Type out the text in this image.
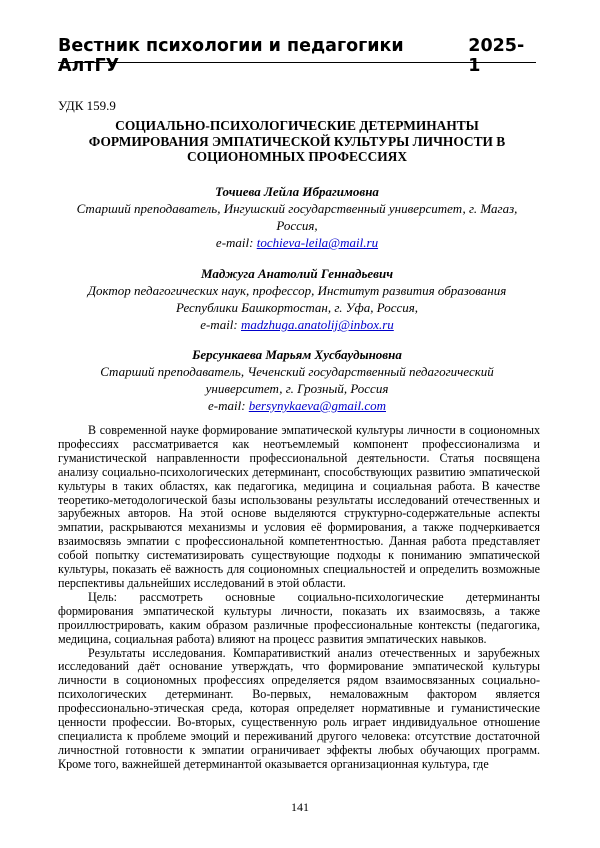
Вестник психологии и педагогики АлтГУ
2025-1
УДК 159.9
СОЦИАЛЬНО-ПСИХОЛОГИЧЕСКИЕ ДЕТЕРМИНАНТЫ
ФОРМИРОВАНИЯ ЭМПАТИЧЕСКОЙ КУЛЬТУРЫ ЛИЧНОСТИ В
СОЦИОНОМНЫХ ПРОФЕССИЯХ
Точиева Лейла Ибрагимовна
Старший преподаватель, Ингушский государственный университет, г. Магаз,
Россия,
e-mail: tochieva-leila@mail.ru
Маджуга Анатолий Геннадьевич
Доктор педагогических наук, профессор, Институт развития образования
Республики Башкортостан, г. Уфа, Россия,
e-mail: madzhuga.anatolij@inbox.ru
Берсункаева Марьям Хусбаудыновна
Старший преподаватель, Чеченский государственный педагогический
университет, г. Грозный, Россия
e-mail: bersynykaeva@gmail.com

В современной науке формирование эмпатической культуры личности в социономных профессиях рассматривается как неотъемлемый компонент профессионализма и гуманистической направленности профессиональной деятельности. Статья посвящена анализу социально-психологических детерминант, способствующих развитию эмпатической культуры в таких областях, как педагогика, медицина и социальная работа. В качестве теоретико-методологической базы использованы результаты исследований отечественных и зарубежных авторов. На этой основе выделяются структурно-содержательные аспекты эмпатии, раскрываются механизмы и условия её формирования, а также подчеркивается взаимосвязь эмпатии с профессиональной компетентностью. Данная работа представляет собой попытку систематизировать существующие подходы к пониманию эмпатической культуры, показать её важность для социономных специальностей и определить возможные перспективы дальнейших исследований в этой области.

Цель: рассмотреть основные социально-психологические детерминанты формирования эмпатической культуры личности, показать их взаимосвязь, а также проиллюстрировать, каким образом различные профессиональные контексты (педагогика, медицина, социальная работа) влияют на процесс развития эмпатических навыков.

Результаты исследования. Компаративисткий анализ отечественных и зарубежных исследований даёт основание утверждать, что формирование эмпатической культуры личности в социономных профессиях определяется рядом взаимосвязанных социально-психологических детерминант. Во-первых, немаловажным фактором является профессионально-этическая среда, которая определяет нормативные и гуманистические ценности профессии. Во-вторых, существенную роль играет индивидуальное отношение специалиста к проблеме эмоций и переживаний другого человека: отсутствие достаточной личностной готовности к эмпатии ограничивает эффекты любых обучающих программ. Кроме того, важнейшей детерминантой оказывается организационная культура, где

141
